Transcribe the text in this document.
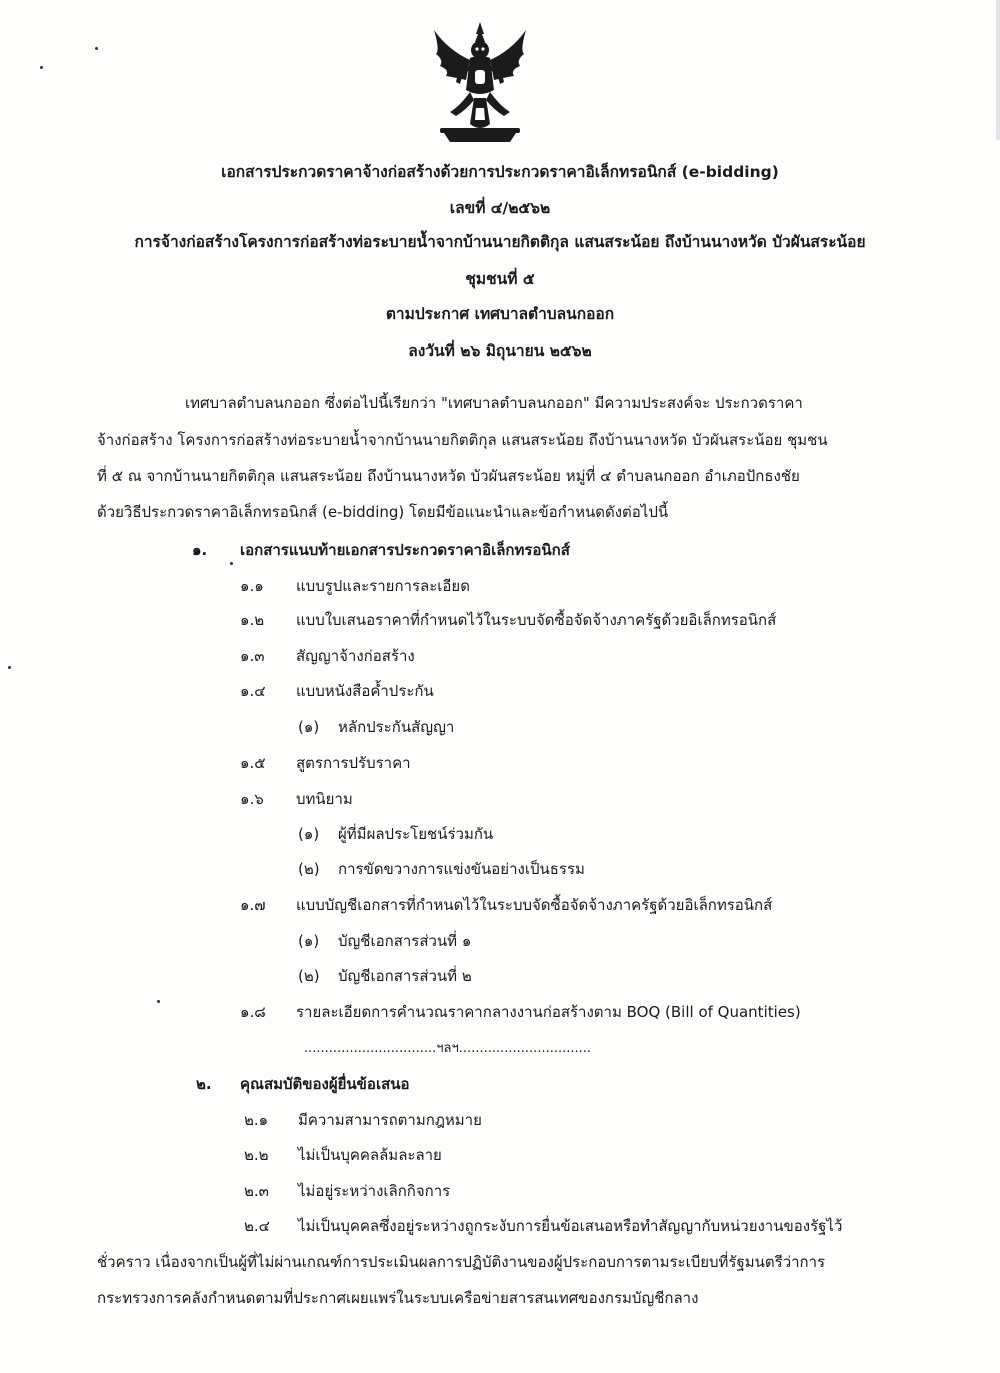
เอกสารประกวดราคาจ้างก่อสร้างด้วยการประกวดราคาอิเล็กทรอนิกส์ (e-bidding)
เลขที่ ๔/๒๕๖๒
การจ้างก่อสร้างโครงการก่อสร้างท่อระบายน้ำจากบ้านนายกิตติกุล แสนสระน้อย ถึงบ้านนางหวัด บัวผันสระน้อย
ชุมชนที่ ๕
ตามประกาศ เทศบาลตำบลนกออก
ลงวันที่ ๒๖ มิถุนายน ๒๕๖๒
เทศบาลตำบลนกออก ซึ่งต่อไปนี้เรียกว่า "เทศบาลตำบลนกออก" มีความประสงค์จะ ประกวดราคา
จ้างก่อสร้าง โครงการก่อสร้างท่อระบายน้ำจากบ้านนายกิตติกุล แสนสระน้อย ถึงบ้านนางหวัด บัวผันสระน้อย ชุมชน
ที่ ๕ ณ จากบ้านนายกิตติกุล แสนสระน้อย ถึงบ้านนางหวัด บัวผันสระน้อย หมู่ที่ ๔ ตำบลนกออก อำเภอปักธงชัย
ด้วยวิธีประกวดราคาอิเล็กทรอนิกส์ (e-bidding) โดยมีข้อแนะนำและข้อกำหนดดังต่อไปนี้
๑. เอกสารแนบท้ายเอกสารประกวดราคาอิเล็กทรอนิกส์
๑.๑ แบบรูปและรายการละเอียด
๑.๒ แบบใบเสนอราคาที่กำหนดไว้ในระบบจัดซื้อจัดจ้างภาครัฐด้วยอิเล็กทรอนิกส์
๑.๓ สัญญาจ้างก่อสร้าง
๑.๔ แบบหนังสือค้ำประกัน
(๑) หลักประกันสัญญา
๑.๕ สูตรการปรับราคา
๑.๖ บทนิยาม
(๑) ผู้ที่มีผลประโยชน์ร่วมกัน
(๒) การขัดขวางการแข่งขันอย่างเป็นธรรม
๑.๗ แบบบัญชีเอกสารที่กำหนดไว้ในระบบจัดซื้อจัดจ้างภาครัฐด้วยอิเล็กทรอนิกส์
(๑) บัญชีเอกสารส่วนที่ ๑
(๒) บัญชีเอกสารส่วนที่ ๒
๑.๘ รายละเอียดการคำนวณราคากลางงานก่อสร้างตาม BOQ (Bill of Quantities)
................................ฯลฯ................................
๒. คุณสมบัติของผู้ยื่นข้อเสนอ
๒.๑ มีความสามารถตามกฎหมาย
๒.๒ ไม่เป็นบุคคลล้มละลาย
๒.๓ ไม่อยู่ระหว่างเลิกกิจการ
๒.๔ ไม่เป็นบุคคลซึ่งอยู่ระหว่างถูกระงับการยื่นข้อเสนอหรือทำสัญญากับหน่วยงานของรัฐไว้
ชั่วคราว เนื่องจากเป็นผู้ที่ไม่ผ่านเกณฑ์การประเมินผลการปฏิบัติงานของผู้ประกอบการตามระเบียบที่รัฐมนตรีว่าการ
กระทรวงการคลังกำหนดตามที่ประกาศเผยแพร่ในระบบเครือข่ายสารสนเทศของกรมบัญชีกลาง
